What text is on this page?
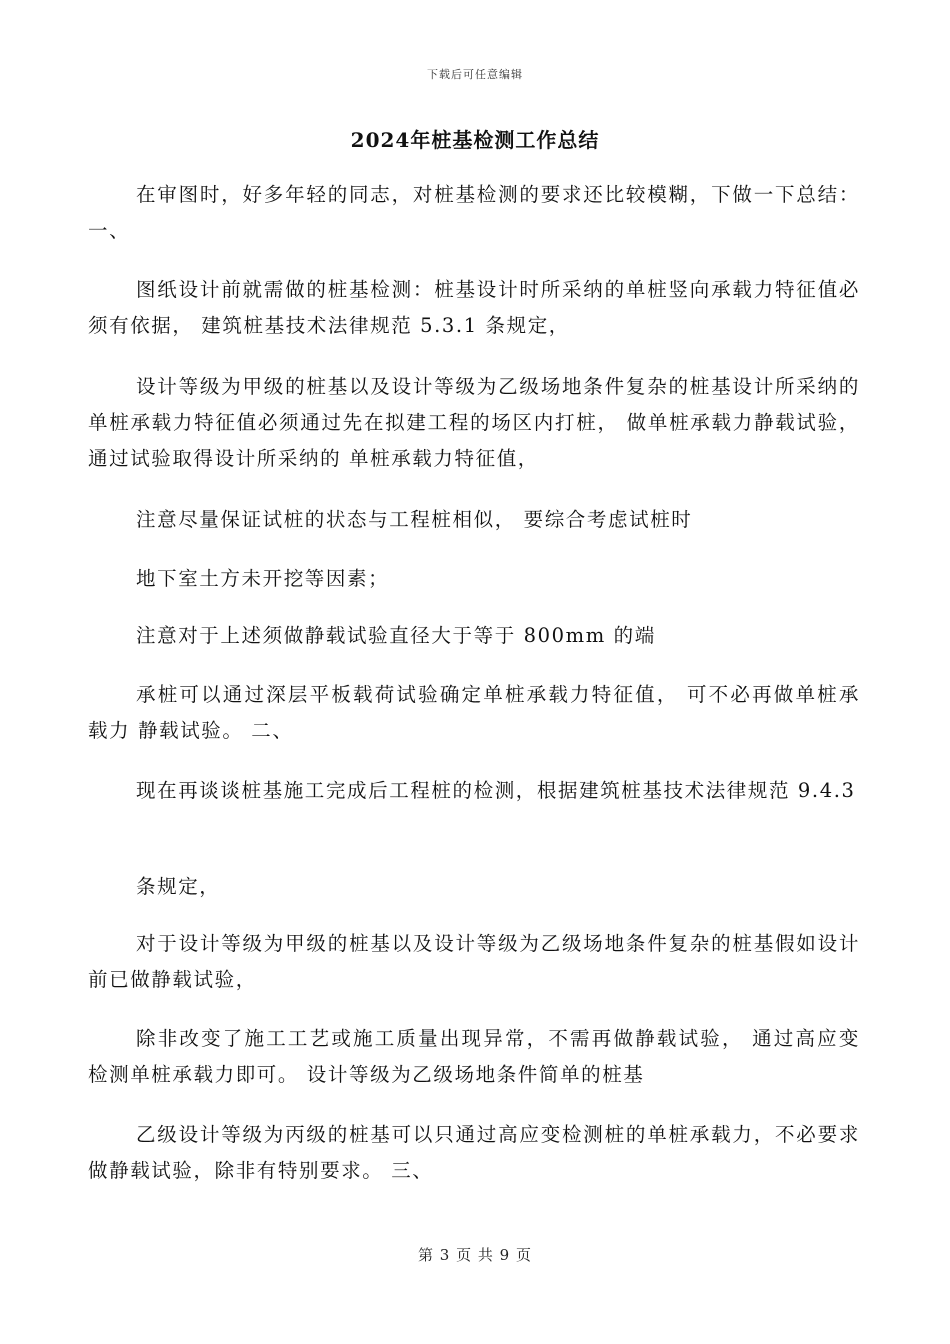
下载后可任意编辑
2024年桩基检测工作总结

在审图时，好多年轻的同志，对桩基检测的要求还比较模糊，下做一下总结： 一、

图纸设计前就需做的桩基检测：桩基设计时所采纳的单桩竖向承载力特征值必须有依据， 建筑桩基技术法律规范 5.3.1 条规定，

设计等级为甲级的桩基以及设计等级为乙级场地条件复杂的桩基设计所采纳的单桩承载力特征值必须通过先在拟建工程的场区内打桩， 做单桩承载力静载试验， 通过试验取得设计所采纳的 单桩承载力特征值，

注意尽量保证试桩的状态与工程桩相似， 要综合考虑试桩时

地下室土方未开挖等因素；

注意对于上述须做静载试验直径大于等于 800mm 的端

承桩可以通过深层平板载荷试验确定单桩承载力特征值， 可不必再做单桩承载力 静载试验。 二、

现在再谈谈桩基施工完成后工程桩的检测，根据建筑桩基技术法律规范 9.4.3

条规定，

对于设计等级为甲级的桩基以及设计等级为乙级场地条件复杂的桩基假如设计前已做静载试验，

除非改变了施工工艺或施工质量出现异常，不需再做静载试验， 通过高应变检测单桩承载力即可。 设计等级为乙级场地条件简单的桩基

乙级设计等级为丙级的桩基可以只通过高应变检测桩的单桩承载力，不必要求做静载试验，除非有特别要求。 三、

第 3 页 共 9 页
